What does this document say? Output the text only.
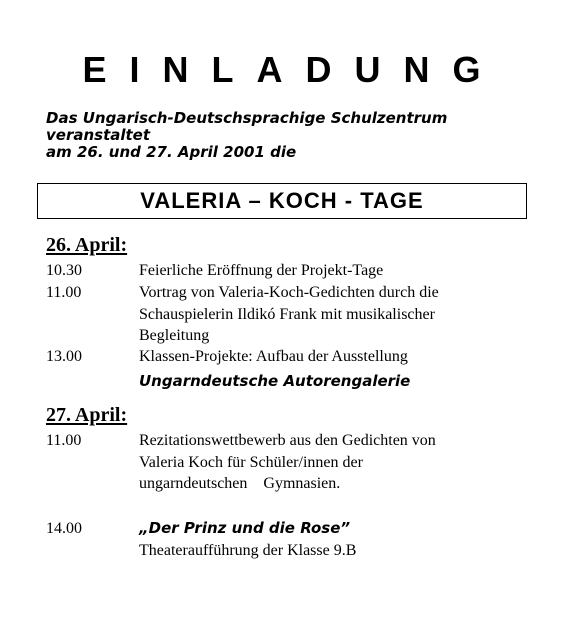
EINLADUNG
Das Ungarisch-Deutschsprachige Schulzentrum
veranstaltet
am 26. und 27. April 2001 die
VALERIA – KOCH - TAGE
26. April:
10.30	Feierliche Eröffnung der Projekt-Tage
11.00	Vortrag von Valeria-Koch-Gedichten durch die
Schauspielerin Ildikó Frank mit musikalischer
Begleitung
13.00	Klassen-Projekte: Aufbau der Ausstellung
Ungarndeutsche Autorengalerie
27. April:
11.00	Rezitationswettbewerb aus den Gedichten von
Valeria Koch für Schüler/innen der
ungarndeutschen    Gymnasien.
14.00	„Der Prinz und die Rose”
Theateraufführung der Klasse 9.B
